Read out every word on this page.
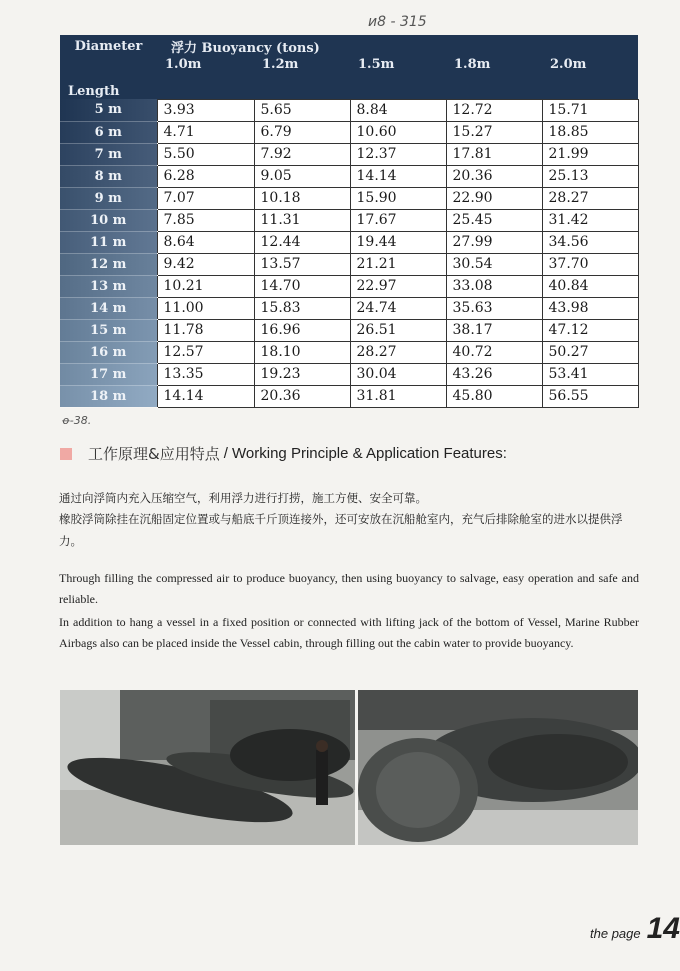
ᴎ8 - 315
Diameter	浮力 Buoyancy (tons)				
Length	1.0m	1.2m	1.5m	1.8m	2.0m
5 m	3.93	5.65	8.84	12.72	15.71
6 m	4.71	6.79	10.60	15.27	18.85
7 m	5.50	7.92	12.37	17.81	21.99
8 m	6.28	9.05	14.14	20.36	25.13
9 m	7.07	10.18	15.90	22.90	28.27
10 m	7.85	11.31	17.67	25.45	31.42
11 m	8.64	12.44	19.44	27.99	34.56
12 m	9.42	13.57	21.21	30.54	37.70
13 m	10.21	14.70	22.97	33.08	40.84
14 m	11.00	15.83	24.74	35.63	43.98
15 m	11.78	16.96	26.51	38.17	47.12
16 m	12.57	18.10	28.27	40.72	50.27
17 m	13.35	19.23	30.04	43.26	53.41
18 m	14.14	20.36	31.81	45.80	56.55
ꝋ-38.
工作原理&应用特点 / Working Principle & Application Features:
通过向浮筒内充入压缩空气，利用浮力进行打捞，施工方便、安全可靠。
橡胶浮筒除挂在沉船固定位置或与船底千斤顶连接外，还可安放在沉船舱室内，充气后排除舱室的进水以提供浮力。
Through filling the compressed air to produce buoyancy, then using buoyancy to salvage, easy operation and safe and reliable.
In addition to hang a vessel in a fixed position or connected with lifting jack of the bottom of Vessel, Marine Rubber Airbags also can be placed inside the Vessel cabin, through filling out the cabin water to provide buoyancy.
the page 14
